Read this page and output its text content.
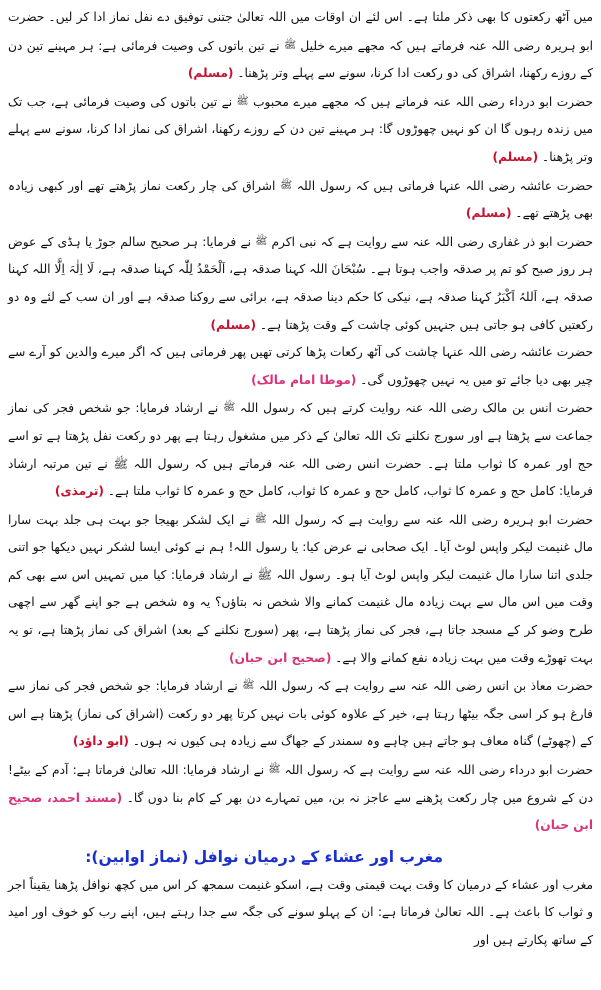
میں آٹھ رکعتوں کا بھی ذکر ملتا ہے۔ اس لئے ان اوقات میں اللہ تعالیٰ جتنی توفیق دے نفل نماز ادا کر لیں۔ حضرت ابو ہریرہ رضی اللہ عنہ فرماتے ہیں کہ مجھے میرے خلیل ﷺ نے تین باتوں کی وصیت فرمائی ہے: ہر مہینے تین دن کے روزے رکھنا، اشراق کی دو رکعت ادا کرنا، سونے سے پہلے وتر پڑھنا۔ (مسلم)

حضرت ابو درداء رضی اللہ عنہ فرماتے ہیں کہ مجھے میرے محبوب ﷺ نے تین باتوں کی وصیت فرمائی ہے، جب تک میں زندہ رہوں گا ان کو نہیں چھوڑوں گا: ہر مہینے تین دن کے روزے رکھنا، اشراق کی نماز ادا کرنا، سونے سے پہلے وتر پڑھنا۔ (مسلم)

حضرت عائشہ رضی اللہ عنہا فرماتی ہیں کہ رسول اللہ ﷺ اشراق کی چار رکعت نماز پڑھتے تھے اور کبھی زیادہ بھی پڑھتے تھے۔ (مسلم)

حضرت ابو ذر غفاری رضی اللہ عنہ سے روایت ہے کہ نبی اکرم ﷺ نے فرمایا: ہر صحیح سالم جوڑ یا ہڈی کے عوض ہر روز صبح کو تم پر صدقہ واجب ہوتا ہے۔ سُبْحَانَ اللہ کہنا صدقہ ہے، اَلْحَمْدُ لِلّٰہ کہنا صدقہ ہے، لَا اِلٰہَ اِلَّا اللہ کہنا صدقہ ہے، اَللہُ اَکْبَرُ کہنا صدقہ ہے، نیکی کا حکم دینا صدقہ ہے، برائی سے روکنا صدقہ ہے اور ان سب کے لئے وہ دو رکعتیں کافی ہو جاتی ہیں جنہیں کوئی چاشت کے وقت پڑھتا ہے۔ (مسلم)

حضرت عائشہ رضی اللہ عنہا چاشت کی آٹھ رکعات پڑھا کرتی تھیں پھر فرماتی ہیں کہ اگر میرے والدین کو آرے سے چیر بھی دیا جائے تو میں یہ نہیں چھوڑوں گی۔ (موطا امام مالک)

حضرت انس بن مالک رضی اللہ عنہ روایت کرتے ہیں کہ رسول اللہ ﷺ نے ارشاد فرمایا: جو شخص فجر کی نماز جماعت سے پڑھتا ہے اور سورج نکلنے تک اللہ تعالیٰ کے ذکر میں مشغول رہتا ہے پھر دو رکعت نفل پڑھتا ہے تو اسے حج اور عمرہ کا ثواب ملتا ہے۔ حضرت انس رضی اللہ عنہ فرماتے ہیں کہ رسول اللہ ﷺ نے تین مرتبہ ارشاد فرمایا: کامل حج و عمرہ کا ثواب، کامل حج و عمرہ کا ثواب، کامل حج و عمرہ کا ثواب ملتا ہے۔ (ترمذی)

حضرت ابو ہریرہ رضی اللہ عنہ سے روایت ہے کہ رسول اللہ ﷺ نے ایک لشکر بھیجا جو بہت ہی جلد بہت سارا مال غنیمت لیکر واپس لوٹ آیا۔ ایک صحابی نے عرض کیا: یا رسول اللہ! ہم نے کوئی ایسا لشکر نہیں دیکھا جو اتنی جلدی اتنا سارا مال غنیمت لیکر واپس لوٹ آیا ہو۔ رسول اللہ ﷺ نے ارشاد فرمایا: کیا میں تمہیں اس سے بھی کم وقت میں اس مال سے بہت زیادہ مال غنیمت کمانے والا شخص نہ بتاؤں؟ یہ وہ شخص ہے جو اپنے گھر سے اچھی طرح وضو کر کے مسجد جاتا ہے، فجر کی نماز پڑھتا ہے، پھر (سورج نکلنے کے بعد) اشراق کی نماز پڑھتا ہے، تو یہ بہت تھوڑے وقت میں بہت زیادہ نفع کمانے والا ہے۔ (صحیح ابن حبان)

حضرت معاذ بن انس رضی اللہ عنہ سے روایت ہے کہ رسول اللہ ﷺ نے ارشاد فرمایا: جو شخص فجر کی نماز سے فارغ ہو کر اسی جگہ بیٹھا رہتا ہے، خیر کے علاوہ کوئی بات نہیں کرتا پھر دو رکعت (اشراق کی نماز) پڑھتا ہے اس کے (چھوٹے) گناہ معاف ہو جاتے ہیں چاہے وہ سمندر کے جھاگ سے زیادہ ہی کیوں نہ ہوں۔ (ابو داؤد)

حضرت ابو درداء رضی اللہ عنہ سے روایت ہے کہ رسول اللہ ﷺ نے ارشاد فرمایا: اللہ تعالیٰ فرماتا ہے: آدم کے بیٹے! دن کے شروع میں چار رکعت پڑھنے سے عاجز نہ بن، میں تمہارے دن بھر کے کام بنا دوں گا۔ (مسند احمد، صحیح ابن حبان)

مغرب اور عشاء کے درمیان نوافل (نماز اوابین):

مغرب اور عشاء کے درمیان کا وقت بہت قیمتی وقت ہے، اسکو غنیمت سمجھ کر اس میں کچھ نوافل پڑھنا یقیناً اجر و ثواب کا باعث ہے۔ اللہ تعالیٰ فرماتا ہے: ان کے پہلو سونے کی جگہ سے جدا رہتے ہیں، اپنے رب کو خوف اور امید کے ساتھ پکارتے ہیں اور
